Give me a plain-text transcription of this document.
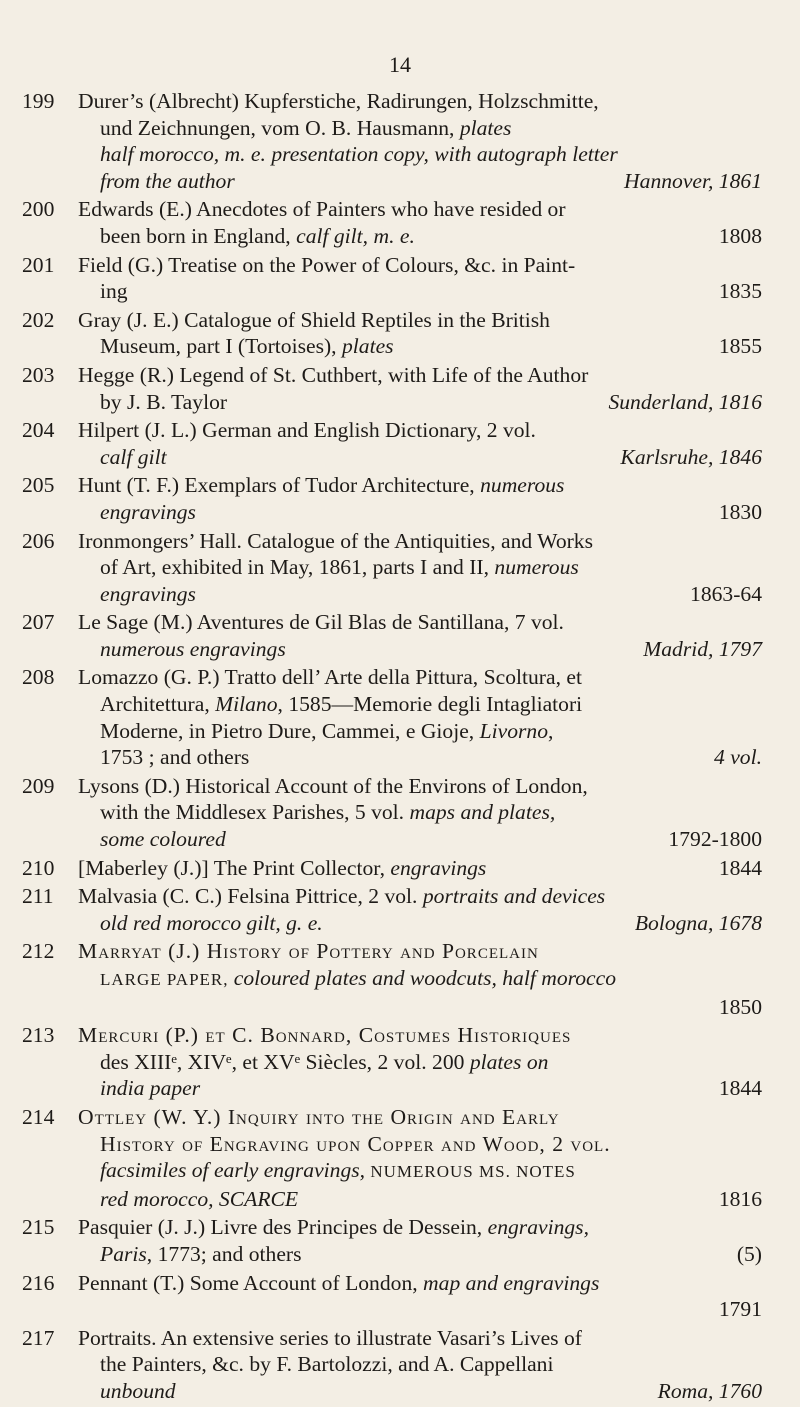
14
199	Durer’s (Albrecht) Kupferstiche, Radirungen, Holzschmitte,
und Zeichnungen, vom O. B. Hausmann, plates
half morocco, m. e. presentation copy, with autograph letter
from the author	Hannover, 1861
200	Edwards (E.) Anecdotes of Painters who have resided or
been born in England, calf gilt, m. e.	1808
201	Field (G.) Treatise on the Power of Colours, &c. in Paint-
ing	1835
202	Gray (J. E.) Catalogue of Shield Reptiles in the British
Museum, part I (Tortoises), plates	1855
203	Hegge (R.) Legend of St. Cuthbert, with Life of the Author
by J. B. Taylor	Sunderland, 1816
204	Hilpert (J. L.) German and English Dictionary, 2 vol.
calf gilt	Karlsruhe, 1846
205	Hunt (T. F.) Exemplars of Tudor Architecture, numerous
engravings	1830
206	Ironmongers’ Hall. Catalogue of the Antiquities, and Works
of Art, exhibited in May, 1861, parts I and II, numerous
engravings	1863-64
207	Le Sage (M.) Aventures de Gil Blas de Santillana, 7 vol.
numerous engravings	Madrid, 1797
208	Lomazzo (G. P.) Tratto dell’ Arte della Pittura, Scoltura, et
Architettura, Milano, 1585—Memorie degli Intagliatori
Moderne, in Pietro Dure, Cammei, e Gioje, Livorno,
1753 ; and others	4 vol.
209	Lysons (D.) Historical Account of the Environs of London,
with the Middlesex Parishes, 5 vol. maps and plates,
some coloured	1792-1800
210	[Maberley (J.)] The Print Collector, engravings	1844
211	Malvasia (C. C.) Felsina Pittrice, 2 vol. portraits and devices
old red morocco gilt, g. e.	Bologna, 1678
212	Marryat (J.) History of Pottery and Porcelain
LARGE PAPER, coloured plates and woodcuts, half morocco
1850
213	Mercuri (P.) et C. Bonnard, Costumes Historiques
des XIIIᵉ, XIVᵉ, et XVᵉ Siècles, 2 vol. 200 plates on
india paper	1844
214	Ottley (W. Y.) Inquiry into the Origin and Early
History of Engraving upon Copper and Wood, 2 vol.
facsimiles of early engravings, NUMEROUS MS. NOTES
red morocco, SCARCE	1816
215	Pasquier (J. J.) Livre des Principes de Dessein, engravings,
Paris, 1773; and others	(5)
216	Pennant (T.) Some Account of London, map and engravings
1791
217	Portraits. An extensive series to illustrate Vasari’s Lives of
the Painters, &c. by F. Bartolozzi, and A. Cappellani
unbound	Roma, 1760
